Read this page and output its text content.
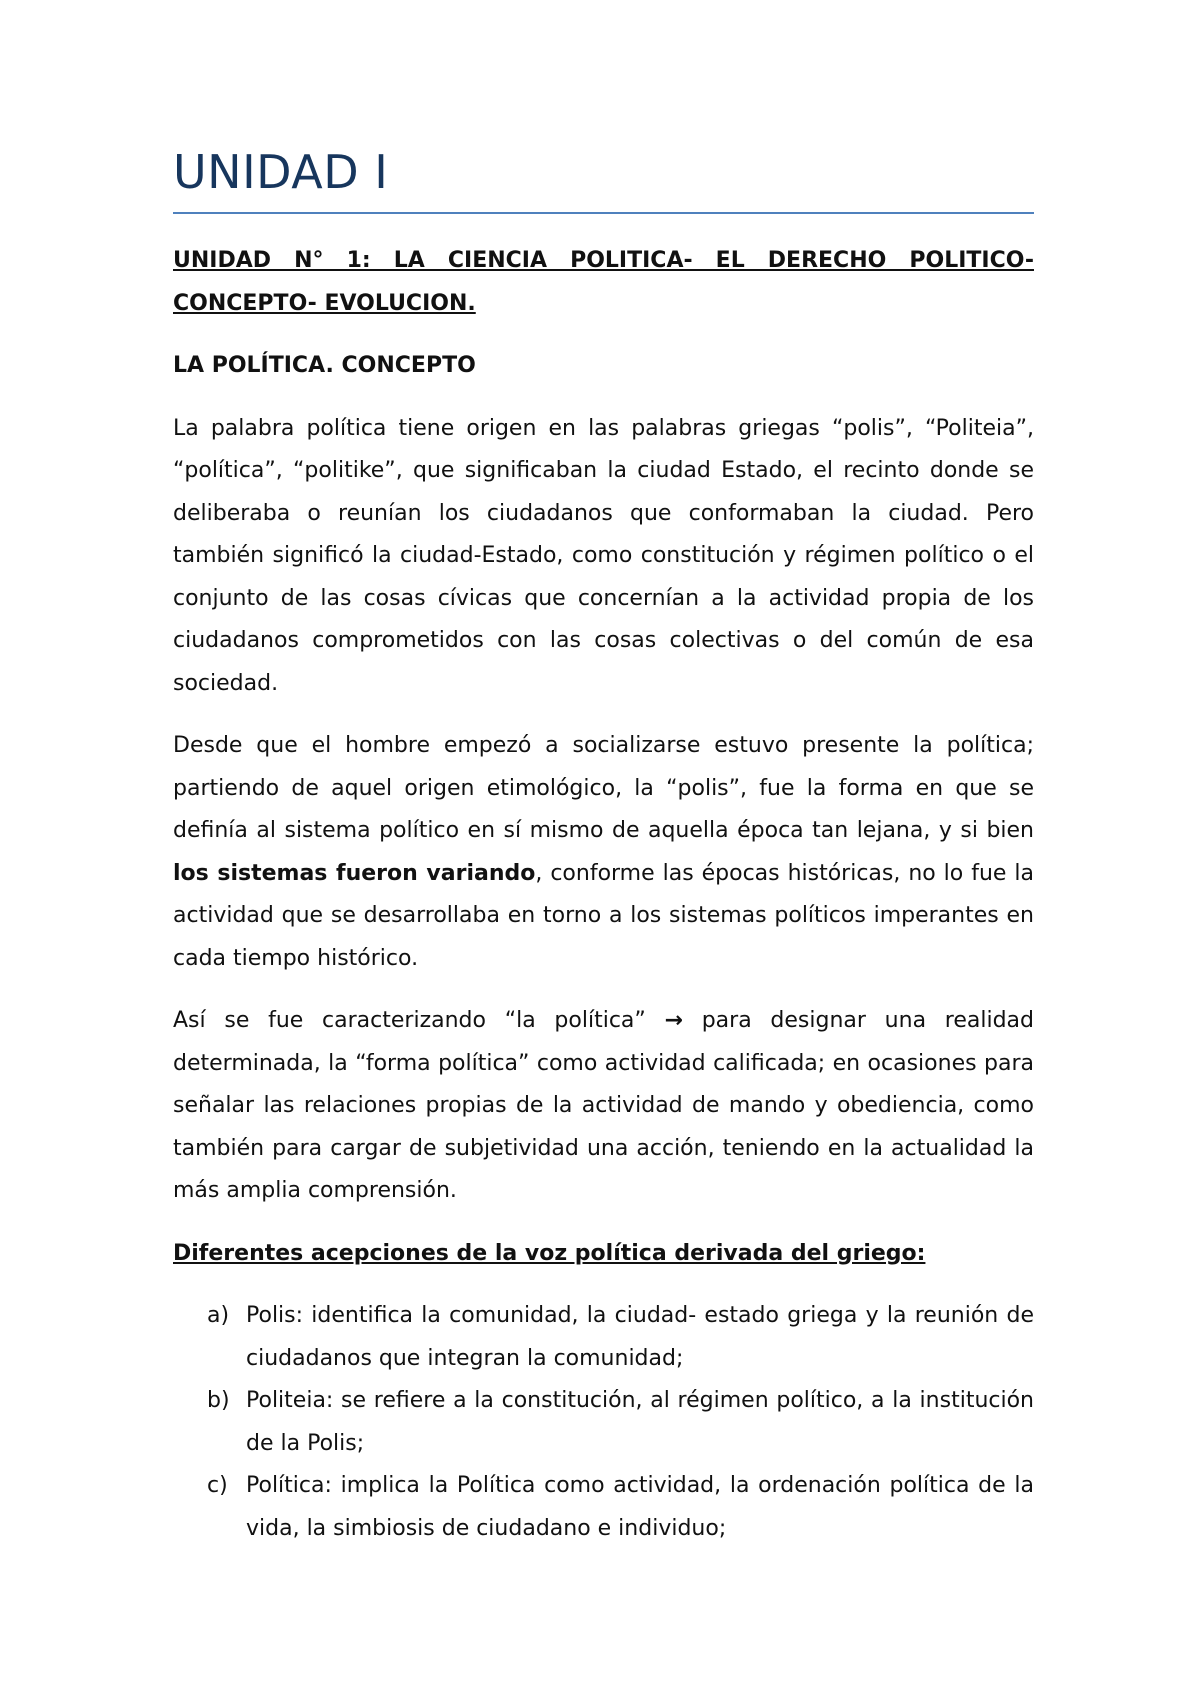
UNIDAD I

UNIDAD N° 1: LA CIENCIA POLITICA- EL DERECHO POLITICO- CONCEPTO- EVOLUCION.

LA POLÍTICA. CONCEPTO

La palabra política tiene origen en las palabras griegas “polis”, “Politeia”, “política”, “politike”, que significaban la ciudad Estado, el recinto donde se deliberaba o reunían los ciudadanos que conformaban la ciudad. Pero también significó la ciudad-Estado, como constitución y régimen político o el conjunto de las cosas cívicas que concernían a la actividad propia de los ciudadanos comprometidos con las cosas colectivas o del común de esa sociedad.

Desde que el hombre empezó a socializarse estuvo presente la política; partiendo de aquel origen etimológico, la “polis”, fue la forma en que se definía al sistema político en sí mismo de aquella época tan lejana, y si bien los sistemas fueron variando, conforme las épocas históricas, no lo fue la actividad que se desarrollaba en torno a los sistemas políticos imperantes en cada tiempo histórico.

Así se fue caracterizando “la política” → para designar una realidad determinada, la “forma política” como actividad calificada; en ocasiones para señalar las relaciones propias de la actividad de mando y obediencia, como también para cargar de subjetividad una acción, teniendo en la actualidad la más amplia comprensión.

Diferentes acepciones de la voz política derivada del griego:

a) Polis: identifica la comunidad, la ciudad- estado griega y la reunión de ciudadanos que integran la comunidad;
b) Politeia: se refiere a la constitución, al régimen político, a la institución de la Polis;
c) Política: implica la Política como actividad, la ordenación política de la vida, la simbiosis de ciudadano e individuo;
